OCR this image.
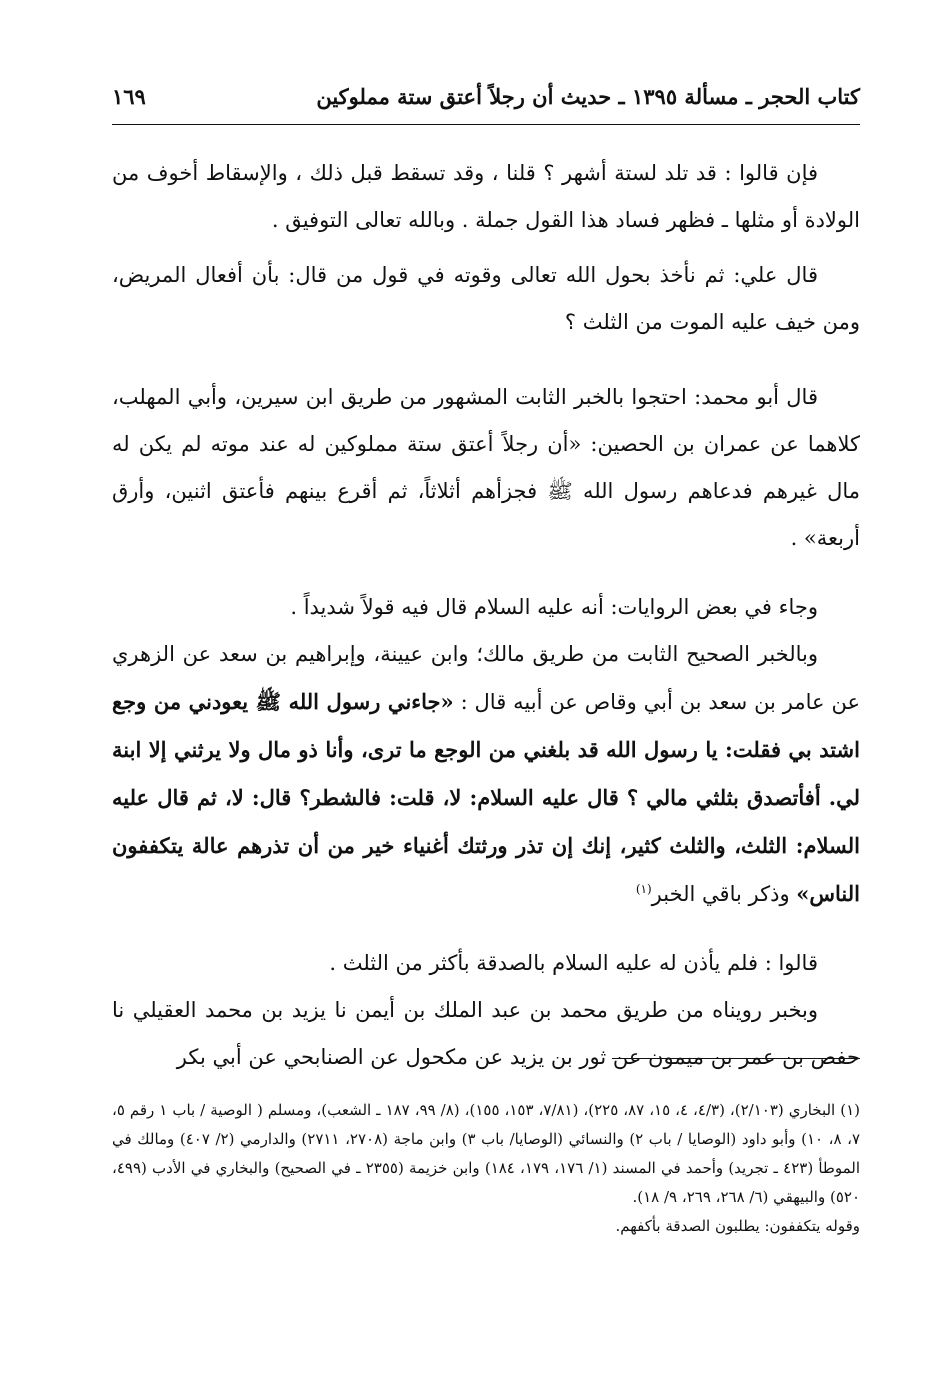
كتاب الحجر ـ مسألة ١٣٩٥ ـ حديث أن رجلاً أعتق ستة مملوكين
١٦٩

فإن قالوا : قد تلد لستة أشهر ؟ قلنا ، وقد تسقط قبل ذلك ، والإسقاط أخوف من الولادة أو مثلها ـ فظهر فساد هذا القول جملة . وبالله تعالى التوفيق .

قال علي: ثم نأخذ بحول الله تعالى وقوته في قول من قال: بأن أفعال المريض، ومن خيف عليه الموت من الثلث ؟

قال أبو محمد: احتجوا بالخبر الثابت المشهور من طريق ابن سيرين، وأبي المهلب، كلاهما عن عمران بن الحصين: «أن رجلاً أعتق ستة مملوكين له عند موته لم يكن له مال غيرهم فدعاهم رسول الله ﷺ فجزأهم أثلاثاً، ثم أقرع بينهم فأعتق اثنين، وأرق أربعة» .

وجاء في بعض الروايات: أنه عليه السلام قال فيه قولاً شديداً .

وبالخبر الصحيح الثابت من طريق مالك؛ وابن عيينة، وإبراهيم بن سعد عن الزهري عن عامر بن سعد بن أبي وقاص عن أبيه قال : «جاءني رسول الله ﷺ يعودني من وجع اشتد بي فقلت: يا رسول الله قد بلغني من الوجع ما ترى، وأنا ذو مال ولا يرثني إلا ابنة لي. أفأتصدق بثلثي مالي ؟ قال عليه السلام: لا، قلت: فالشطر؟ قال: لا، ثم قال عليه السلام: الثلث، والثلث كثير، إنك إن تذر ورثتك أغنياء خير من أن تذرهم عالة يتكففون الناس» وذكر باقي الخبر$^{(١)}$

قالوا : فلم يأذن له عليه السلام بالصدقة بأكثر من الثلث .

وبخبر رويناه من طريق محمد بن عبد الملك بن أيمن نا يزيد بن محمد العقيلي نا حفص بن عمر بن ميمون عن ثور بن يزيد عن مكحول عن الصنابحي عن أبي بكر

(١) البخاري (٢/١٠٣)، (٤/٣، ٤، ١٥، ٨٧، ٢٢٥)، (٧/٨١، ١٥٣، ١٥٥)، (٨/ ٩٩، ١٨٧ ـ الشعب)، ومسلم ( الوصية / باب ١ رقم ٥، ٧، ٨، ١٠) وأبو داود (الوصايا / باب ٢) والنسائي (الوصايا/ باب ٣) وابن ماجة (٢٧٠٨، ٢٧١١) والدارمي (٢/ ٤٠٧) ومالك في الموطأ (٤٢٣ ـ تجريد) وأحمد في المسند (١/ ١٧٦، ١٧٩، ١٨٤) وابن خزيمة (٢٣٥٥ ـ في الصحيح) والبخاري في الأدب (٤٩٩، ٥٢٠) والبيهقي (٦/ ٢٦٨، ٢٦٩، ٩/ ١٨).

وقوله يتكففون: يطلبون الصدقة بأكفهم.
